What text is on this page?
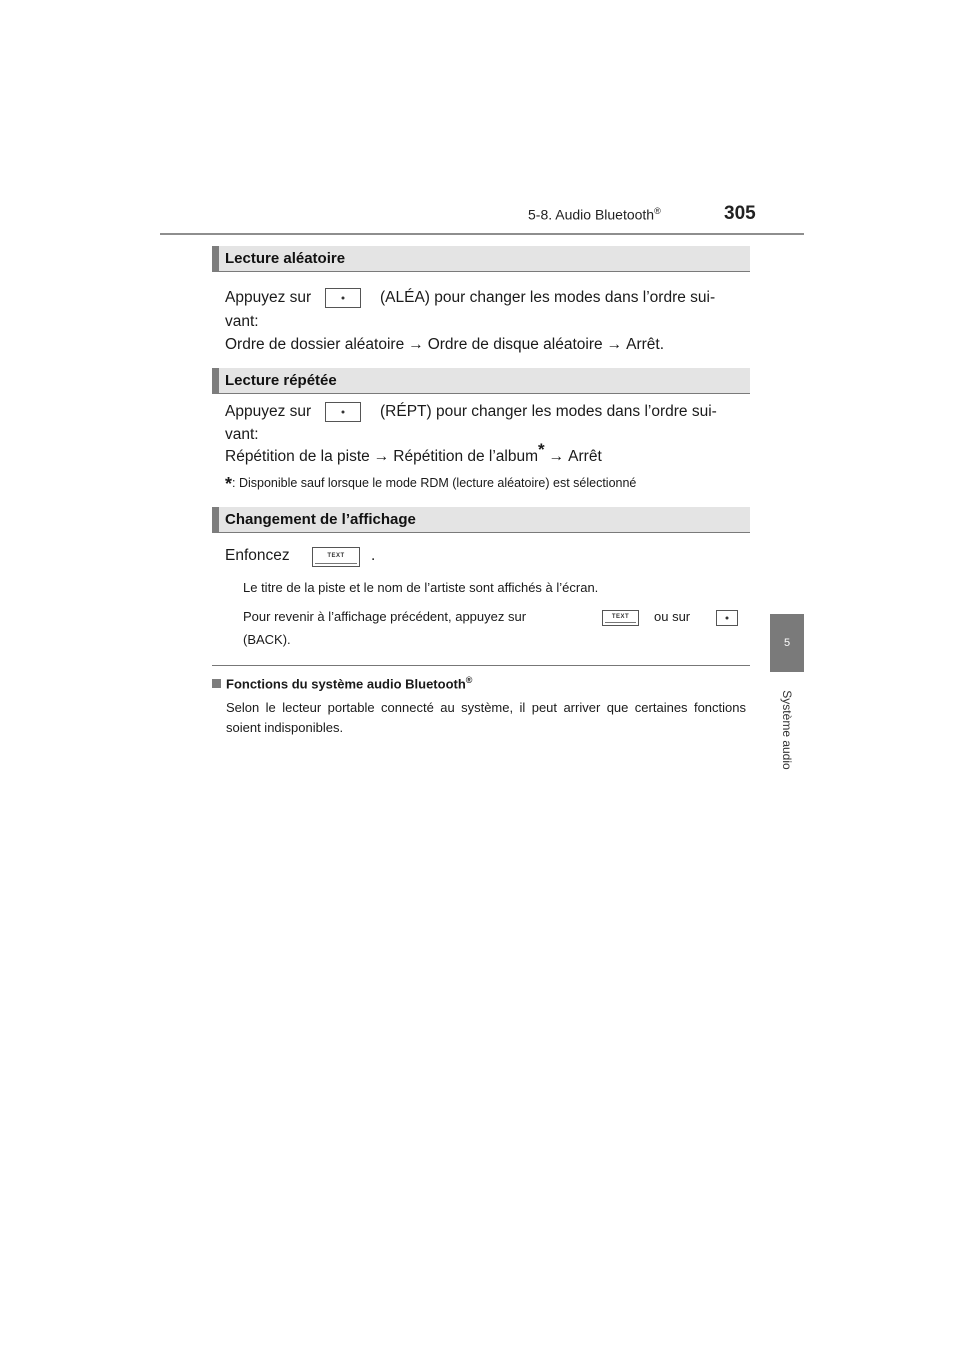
5-8. Audio Bluetooth®	305
5
Système audio
Lecture aléatoire
Appuyez sur	(ALÉA) pour changer les modes dans l’ordre sui-
vant:
Ordre de dossier aléatoire → Ordre de disque aléatoire → Arrêt.
Lecture répétée
Appuyez sur	(RÉPT) pour changer les modes dans l’ordre sui-
vant:
Répétition de la piste → Répétition de l’album* → Arrêt
*: Disponible sauf lorsque le mode RDM (lecture aléatoire) est sélectionné
Changement de l’affichage
Enfoncez	TEXT	.
Le titre de la piste et le nom de l’artiste sont affichés à l’écran.
Pour revenir à l’affichage précédent, appuyez sur	TEXT	ou sur
(BACK).
Fonctions du système audio Bluetooth®
Selon le lecteur portable connecté au système, il peut arriver que certaines fonctions soient indisponibles.
